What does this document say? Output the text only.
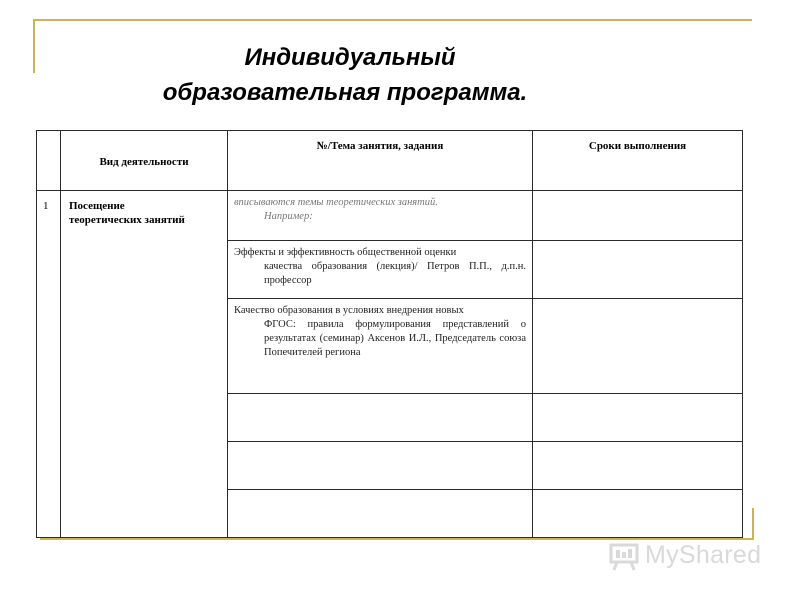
Индивидуальный
образовательная программа.

	Вид деятельности	№/Тема занятия, задания	Сроки выполнения

1	Посещение теоретических занятий	вписываются темы теоретических занятий.
Например:	

		Эффекты и эффективность общественной оценки
качества образования (лекция)/ Петров П.П., д.п.н. профессор	

		Качество образования в условиях внедрения новых
ФГОС: правила формулирования представлений о результатах (семинар) Аксенов И.Л., Председатель союза Попечителей региона	

MyShared
